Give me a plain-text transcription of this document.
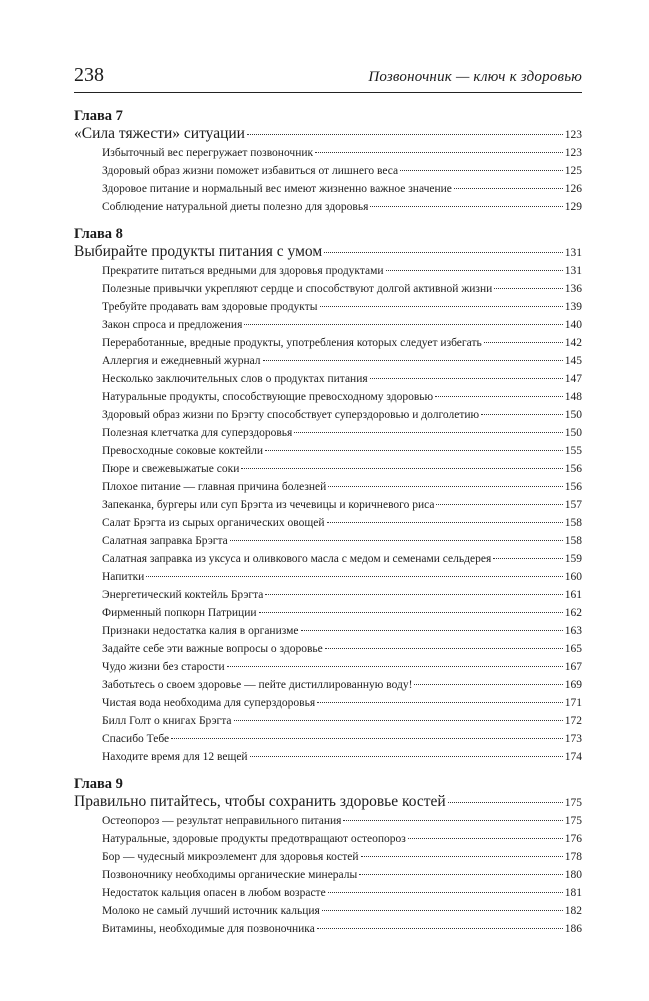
238	Позвоночник — ключ к здоровью
Глава 7
«Сила тяжести» ситуации	123
Избыточный вес перегружает позвоночник	123
Здоровый образ жизни поможет избавиться от лишнего веса	125
Здоровое питание и нормальный вес имеют жизненно важное значение	126
Соблюдение натуральной диеты полезно для здоровья	129
Глава 8
Выбирайте продукты питания с умом	131
Прекратите питаться вредными для здоровья продуктами	131
Полезные привычки укрепляют сердце и способствуют долгой активной жизни	136
Требуйте продавать вам здоровые продукты	139
Закон спроса и предложения	140
Переработанные, вредные продукты, употребления которых следует избегать	142
Аллергия и ежедневный журнал	145
Несколько заключительных слов о продуктах питания	147
Натуральные продукты, способствующие превосходному здоровью	148
Здоровый образ жизни по Брэгту способствует суперздоровью и долголетию	150
Полезная клетчатка для суперздоровья	150
Превосходные соковые коктейли	155
Пюре и свежевыжатые соки	156
Плохое питание — главная причина болезней	156
Запеканка, бургеры или суп Брэгта из чечевицы и коричневого риса	157
Салат Брэгта из сырых органических овощей	158
Салатная заправка Брэгта	158
Салатная заправка из уксуса и оливкового масла с медом и семенами сельдерея	159
Напитки	160
Энергетический коктейль Брэгта	161
Фирменный попкорн Патриции	162
Признаки недостатка калия в организме	163
Задайте себе эти важные вопросы о здоровье	165
Чудо жизни без старости	167
Заботьтесь о своем здоровье — пейте дистиллированную воду!	169
Чистая вода необходима для суперздоровья	171
Билл Голт о книгах Брэгта	172
Спасибо Тебе	173
Находите время для 12 вещей	174
Глава 9
Правильно питайтесь, чтобы сохранить здоровье костей	175
Остеопороз — результат неправильного питания	175
Натуральные, здоровые продукты предотвращают остеопороз	176
Бор — чудесный микроэлемент для здоровья костей	178
Позвоночнику необходимы органические минералы	180
Недостаток кальция опасен в любом возрасте	181
Молоко не самый лучший источник кальция	182
Витамины, необходимые для позвоночника	186
